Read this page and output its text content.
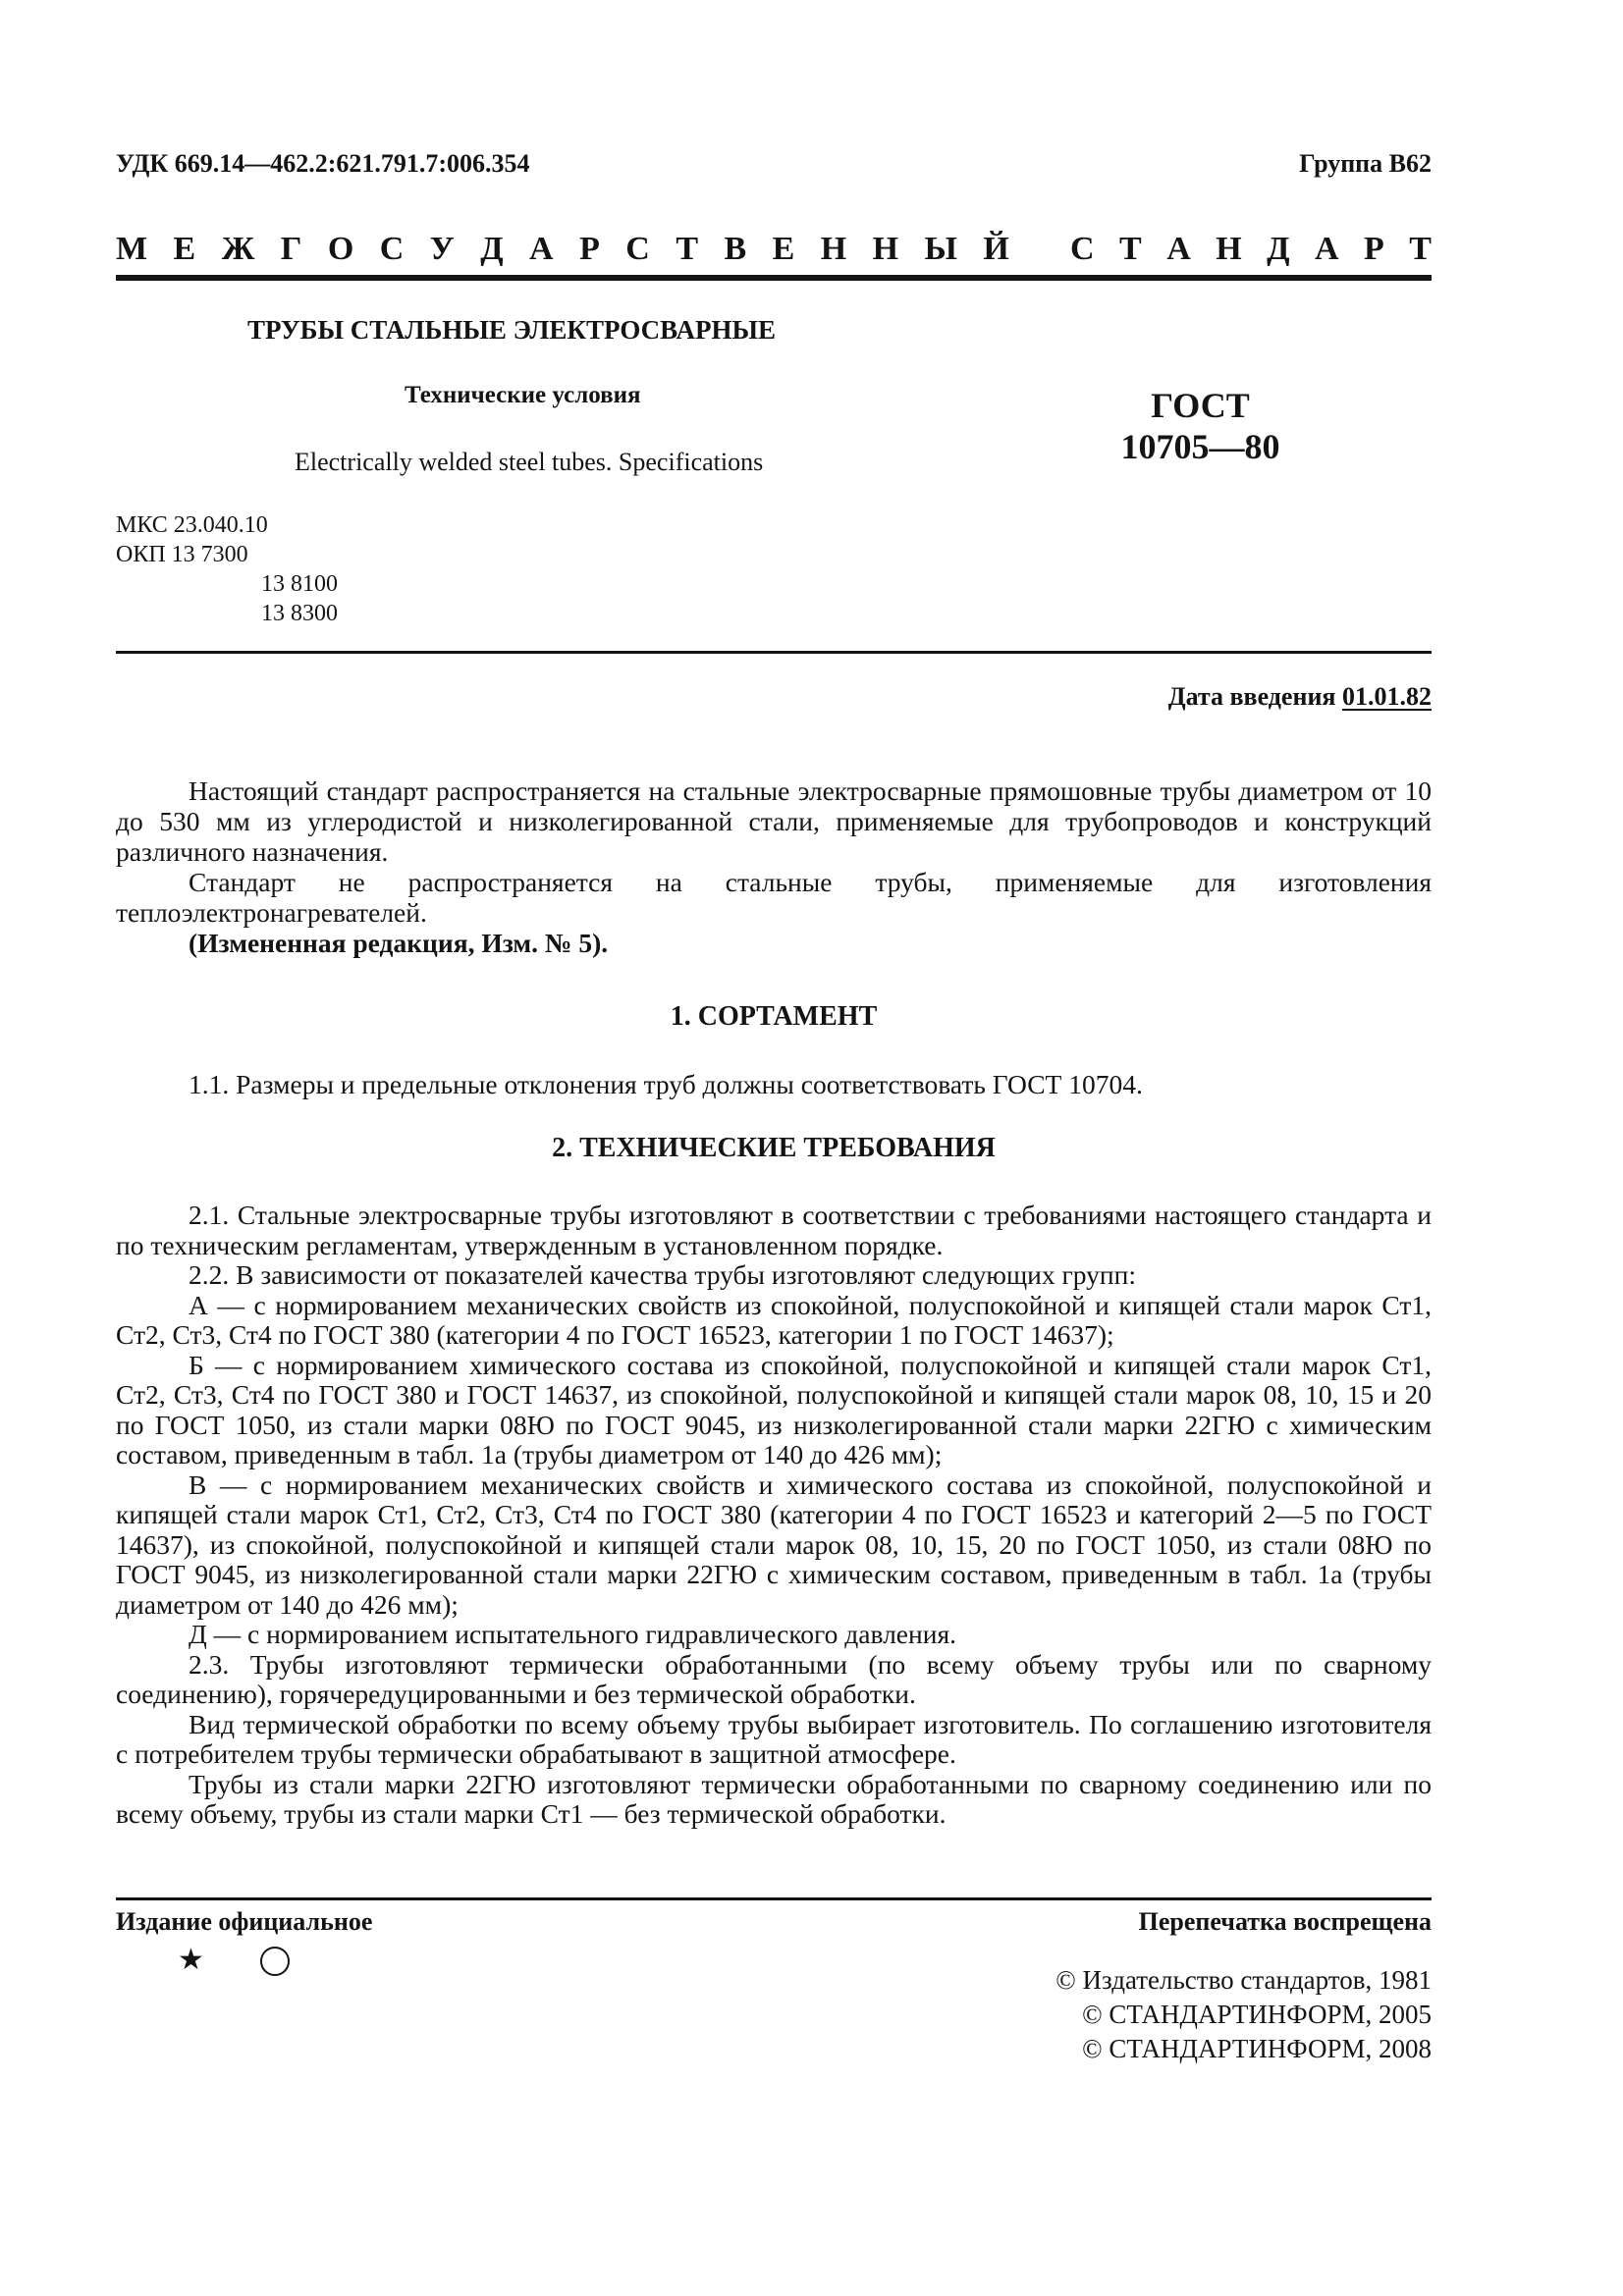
УДК 669.14—462.2:621.791.7:006.354	Группа В62
М Е Ж Г О С У Д А Р С Т В Е Н Н Ы Й С Т А Н Д А Р Т
ТРУБЫ СТАЛЬНЫЕ ЭЛЕКТРОСВАРНЫЕ
Технические условия
Electrically welded steel tubes. Specifications
ГОСТ
10705—80
МКС 23.040.10
ОКП 13 7300
13 8100
13 8300
Дата введения 01.01.82

Настоящий стандарт распространяется на стальные электросварные прямошовные трубы диаметром от 10 до 530 мм из углеродистой и низколегированной стали, применяемые для трубопроводов и конструкций различного назначения.

Стандарт не распространяется на стальные трубы, применяемые для изготовления теплоэлектронагревателей.

(Измененная редакция, Изм. № 5).

1. СОРТАМЕНТ

1.1. Размеры и предельные отклонения труб должны соответствовать ГОСТ 10704.

2. ТЕХНИЧЕСКИЕ ТРЕБОВАНИЯ

2.1. Стальные электросварные трубы изготовляют в соответствии с требованиями настоящего стандарта и по техническим регламентам, утвержденным в установленном порядке.

2.2. В зависимости от показателей качества трубы изготовляют следующих групп:

А — с нормированием механических свойств из спокойной, полуспокойной и кипящей стали марок Ст1, Ст2, Ст3, Ст4 по ГОСТ 380 (категории 4 по ГОСТ 16523, категории 1 по ГОСТ 14637);

Б — с нормированием химического состава из спокойной, полуспокойной и кипящей стали марок Ст1, Ст2, Ст3, Ст4 по ГОСТ 380 и ГОСТ 14637, из спокойной, полуспокойной и кипящей стали марок 08, 10, 15 и 20 по ГОСТ 1050, из стали марки 08Ю по ГОСТ 9045, из низколегированной стали марки 22ГЮ с химическим составом, приведенным в табл. 1а (трубы диаметром от 140 до 426 мм);

В — с нормированием механических свойств и химического состава из спокойной, полуспокойной и кипящей стали марок Ст1, Ст2, Ст3, Ст4 по ГОСТ 380 (категории 4 по ГОСТ 16523 и категорий 2—5 по ГОСТ 14637), из спокойной, полуспокойной и кипящей стали марок 08, 10, 15, 20 по ГОСТ 1050, из стали 08Ю по ГОСТ 9045, из низколегированной стали марки 22ГЮ с химическим составом, приведенным в табл. 1а (трубы диаметром от 140 до 426 мм);

Д — с нормированием испытательного гидравлического давления.

2.3. Трубы изготовляют термически обработанными (по всему объему трубы или по сварному соединению), горячередуцированными и без термической обработки.

Вид термической обработки по всему объему трубы выбирает изготовитель. По соглашению изготовителя с потребителем трубы термически обрабатывают в защитной атмосфере.

Трубы из стали марки 22ГЮ изготовляют термически обработанными по сварному соединению или по всему объему, трубы из стали марки Ст1 — без термической обработки.

Издание официальное	Перепечатка воспрещена
★
© Издательство стандартов, 1981
© СТАНДАРТИНФОРМ, 2005
© СТАНДАРТИНФОРМ, 2008
